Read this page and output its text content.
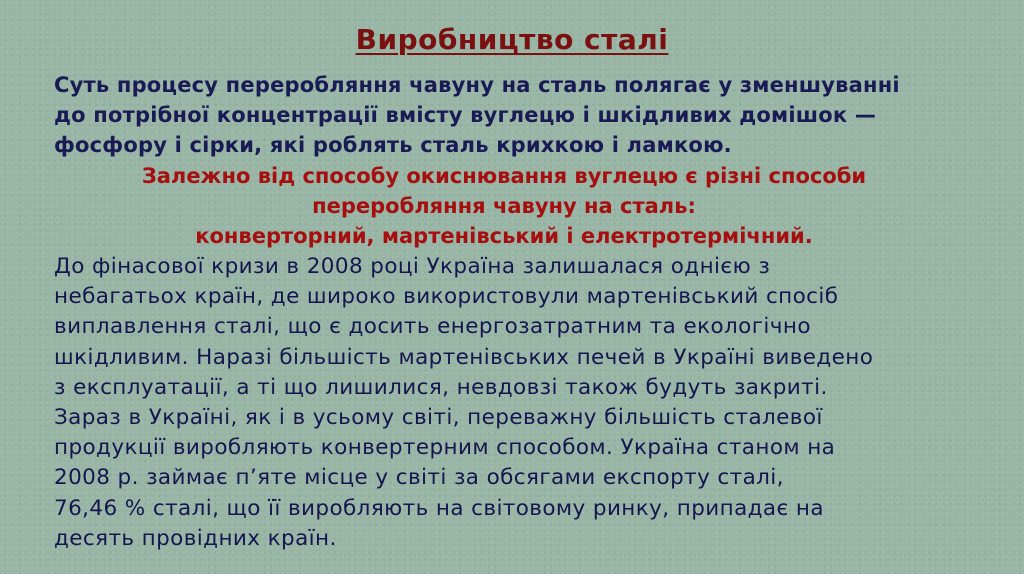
Виробництво сталі
Суть процесу переробляння чавуну на сталь полягає у зменшуванні
до потрібної концентрації вмісту вуглецю і шкідливих домішок —
фосфору і сірки, які роблять сталь крихкою і ламкою.
Залежно від способу окиснювання вуглецю є різні способи
переробляння чавуну на сталь:
конверторний, мартенівський і електротермічний.
До фінасової кризи в 2008 році Україна залишалася однією з
небагатьох країн, де широко використовули мартенівський спосіб
виплавлення сталі, що є досить енергозатратним та екологічно
шкідливим. Наразі більшість мартенівських печей в Україні виведено
з експлуатації, а ті що лишилися, невдовзі також будуть закриті.
Зараз в Україні, як і в усьому світі, переважну більшість сталевої
продукції виробляють конвертерним способом. Україна станом на
2008 р. займає п’яте місце у світі за обсягами експорту сталі,
76,46 % сталі, що її виробляють на світовому ринку, припадає на
десять провідних країн.
